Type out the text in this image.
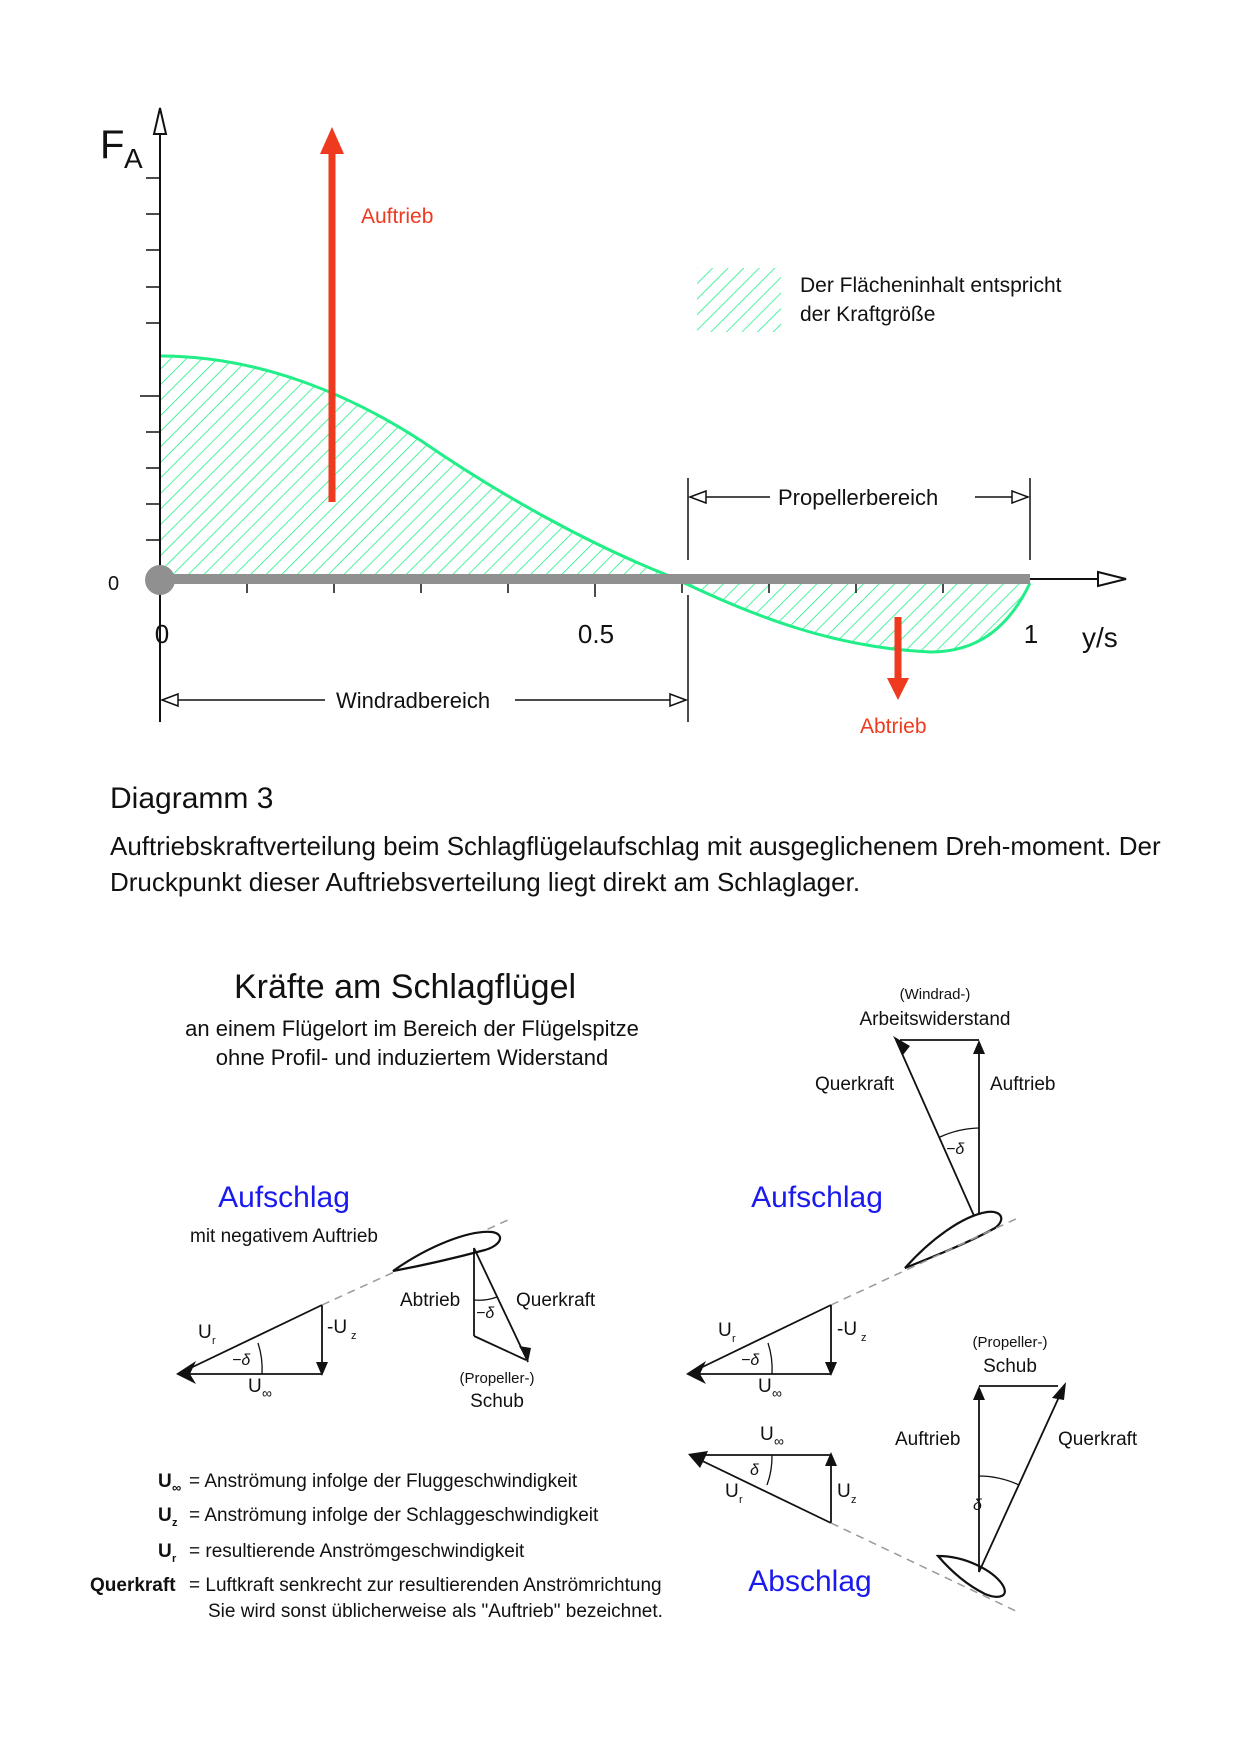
F A
0
0	0.5	1 y/s
Auftrieb
Abtrieb
Der Flächeninhalt entspricht
der Kraftgröße
Propellerbereich
Windradbereich
Kräfte am Schlagflügel
an einem Flügelort im Bereich der Flügelspitze
ohne Profil- und induziertem Widerstand
Aufschlag
mit negativem Auftrieb
Abtrieb	Querkraft
−δ
(Propeller-)
Schub
U r
-U z
U ∞
−δ
Aufschlag
(Windrad-)
Arbeitswiderstand
Querkraft	Auftrieb
−δ
U r	-U z
U ∞
−δ
Abschlag
(Propeller-)
Schub
Auftrieb	Querkraft
U ∞
U r	U z
δ
δ
U ∞ = Anströmung infolge der Fluggeschwindigkeit
U z = Anströmung infolge der Schlaggeschwindigkeit
U r = resultierende Anströmgeschwindigkeit
Querkraft = Luftkraft senkrecht zur resultierenden Anströmrichtung
Sie wird sonst üblicherweise als "Auftrieb" bezeichnet.
Diagramm 3
Auftriebskraftverteilung beim Schlagflügelaufschlag mit ausgeglichenem Dreh-moment. Der Druckpunkt dieser Auftriebsverteilung liegt direkt am Schlaglager.
